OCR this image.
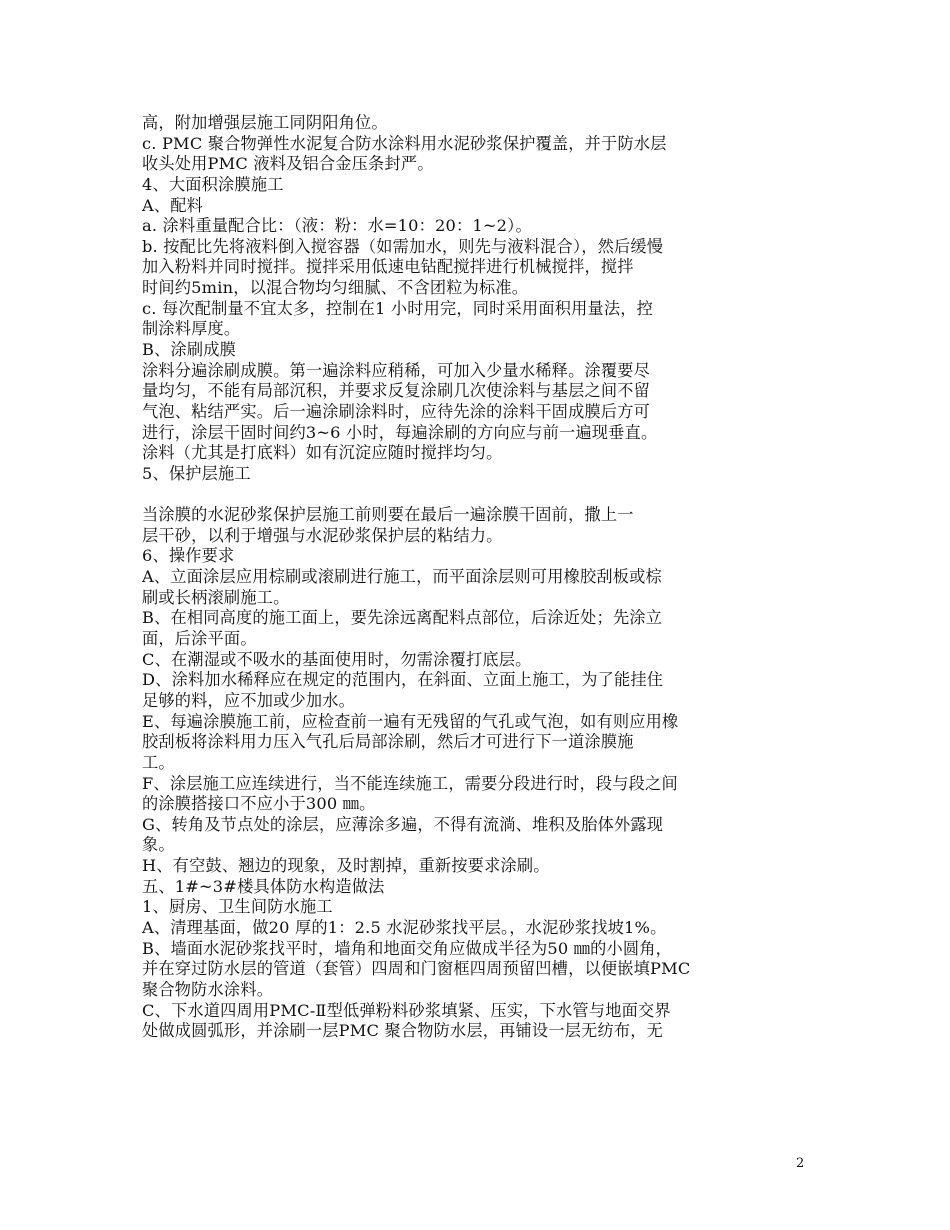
高，附加增强层施工同阴阳角位。
c. PMC 聚合物弹性水泥复合防水涂料用水泥砂浆保护覆盖，并于防水层
收头处用PMC 液料及铝合金压条封严。
4、大面积涂膜施工
A、配料
a. 涂料重量配合比：（液：粉：水=10：20：1~2）。
b. 按配比先将液料倒入搅容器（如需加水，则先与液料混合），然后缓慢
加入粉料并同时搅拌。搅拌采用低速电钻配搅拌进行机械搅拌，搅拌
时间约5min，以混合物均匀细腻、不含团粒为标准。
c. 每次配制量不宜太多，控制在1 小时用完，同时采用面积用量法，控
制涂料厚度。
B、涂刷成膜
涂料分遍涂刷成膜。第一遍涂料应稍稀，可加入少量水稀释。涂覆要尽
量均匀，不能有局部沉积，并要求反复涂刷几次使涂料与基层之间不留
气泡、粘结严实。后一遍涂刷涂料时，应待先涂的涂料干固成膜后方可
进行，涂层干固时间约3~6 小时，每遍涂刷的方向应与前一遍现垂直。
涂料（尤其是打底料）如有沉淀应随时搅拌均匀。
5、保护层施工
当涂膜的水泥砂浆保护层施工前则要在最后一遍涂膜干固前，撒上一
层干砂，以利于增强与水泥砂浆保护层的粘结力。
6、操作要求
A、立面涂层应用棕刷或滚刷进行施工，而平面涂层则可用橡胶刮板或棕
刷或长柄滚刷施工。
B、在相同高度的施工面上，要先涂远离配料点部位，后涂近处；先涂立
面，后涂平面。
C、在潮湿或不吸水的基面使用时，勿需涂覆打底层。
D、涂料加水稀释应在规定的范围内，在斜面、立面上施工，为了能挂住
足够的料，应不加或少加水。
E、每遍涂膜施工前，应检查前一遍有无残留的气孔或气泡，如有则应用橡
胶刮板将涂料用力压入气孔后局部涂刷，然后才可进行下一道涂膜施
工。
F、涂层施工应连续进行，当不能连续施工，需要分段进行时，段与段之间
的涂膜搭接口不应小于300 ㎜。
G、转角及节点处的涂层，应薄涂多遍，不得有流淌、堆积及胎体外露现
象。
H、有空鼓、翘边的现象，及时割掉，重新按要求涂刷。
五、1#~3#楼具体防水构造做法
1、厨房、卫生间防水施工
A、清理基面，做20 厚的1：2.5 水泥砂浆找平层。，水泥砂浆找坡1%。
B、墙面水泥砂浆找平时，墙角和地面交角应做成半径为50 ㎜的小圆角，
并在穿过防水层的管道（套管）四周和门窗框四周预留凹槽，以便嵌填PMC
聚合物防水涂料。
C、下水道四周用PMC-Ⅱ型低弹粉料砂浆填紧、压实，下水管与地面交界
处做成圆弧形，并涂刷一层PMC 聚合物防水层，再铺设一层无纺布，无
2
